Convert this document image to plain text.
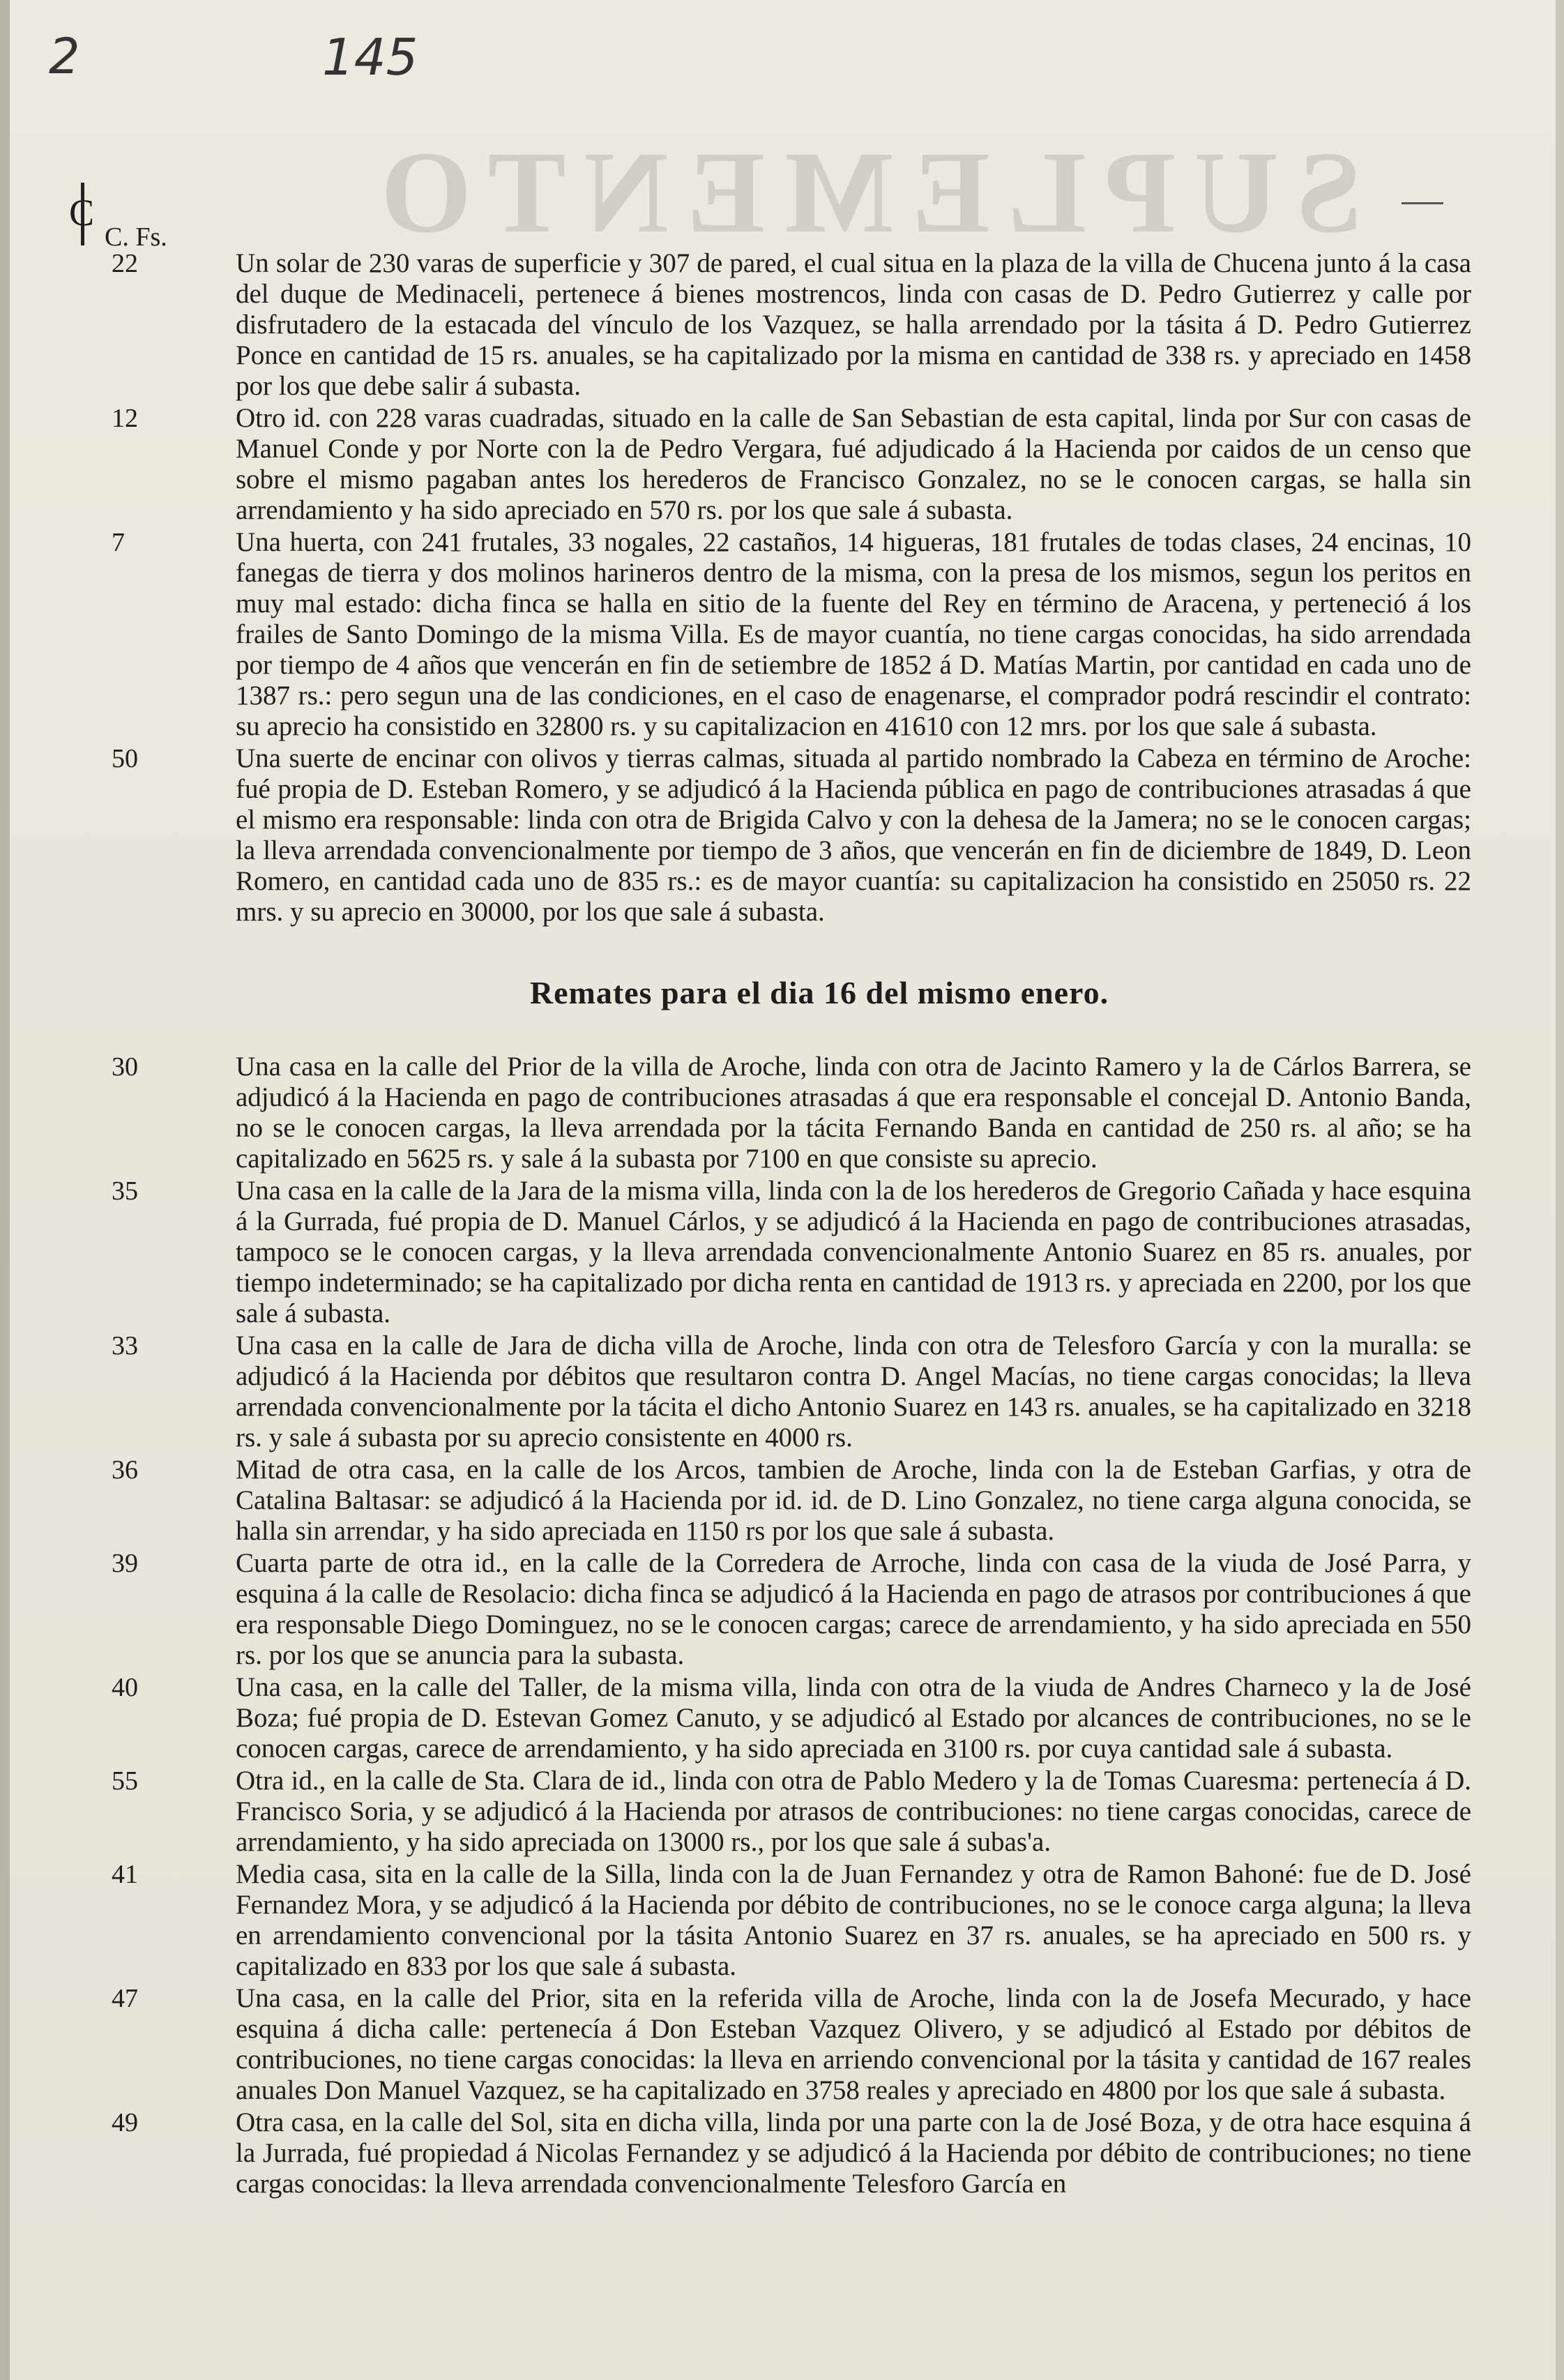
2	145
SUPLEMENTO
C
C. Fs.
22	Un solar de 230 varas de superficie y 307 de pared, el cual situa en la plaza de la villa de Chucena junto á la casa del duque de Medinaceli, pertenece á bienes mostrencos, linda con casas de D. Pedro Gutierrez y calle por disfrutadero de la estacada del vínculo de los Vazquez, se halla arrendado por la tásita á D. Pedro Gutierrez Ponce en cantidad de 15 rs. anuales, se ha capitalizado por la misma en cantidad de 338 rs. y apreciado en 1458 por los que debe salir á subasta.
12	Otro id. con 228 varas cuadradas, situado en la calle de San Sebastian de esta capital, linda por Sur con casas de Manuel Conde y por Norte con la de Pedro Vergara, fué adjudicado á la Hacienda por caidos de un censo que sobre el mismo pagaban antes los herederos de Francisco Gonzalez, no se le conocen cargas, se halla sin arrendamiento y ha sido apreciado en 570 rs. por los que sale á subasta.
7	Una huerta, con 241 frutales, 33 nogales, 22 castaños, 14 higueras, 181 frutales de todas clases, 24 encinas, 10 fanegas de tierra y dos molinos harineros dentro de la misma, con la presa de los mismos, segun los peritos en muy mal estado: dicha finca se halla en sitio de la fuente del Rey en término de Aracena, y perteneció á los frailes de Santo Domingo de la misma Villa. Es de mayor cuantía, no tiene cargas conocidas, ha sido arrendada por tiempo de 4 años que vencerán en fin de setiembre de 1852 á D. Matías Martin, por cantidad en cada uno de 1387 rs.: pero segun una de las condiciones, en el caso de enagenarse, el comprador podrá rescindir el contrato: su aprecio ha consistido en 32800 rs. y su capitalizacion en 41610 con 12 mrs. por los que sale á subasta.
50	Una suerte de encinar con olivos y tierras calmas, situada al partido nombrado la Cabeza en término de Aroche: fué propia de D. Esteban Romero, y se adjudicó á la Hacienda pública en pago de contribuciones atrasadas á que el mismo era responsable: linda con otra de Brigida Calvo y con la dehesa de la Jamera; no se le conocen cargas; la lleva arrendada convencionalmente por tiempo de 3 años, que vencerán en fin de diciembre de 1849, D. Leon Romero, en cantidad cada uno de 835 rs.: es de mayor cuantía: su capitalizacion ha consistido en 25050 rs. 22 mrs. y su aprecio en 30000, por los que sale á subasta.
Remates para el dia 16 del mismo enero.
30	Una casa en la calle del Prior de la villa de Aroche, linda con otra de Jacinto Ramero y la de Cárlos Barrera, se adjudicó á la Hacienda en pago de contribuciones atrasadas á que era responsable el concejal D. Antonio Banda, no se le conocen cargas, la lleva arrendada por la tácita Fernando Banda en cantidad de 250 rs. al año; se ha capitalizado en 5625 rs. y sale á la subasta por 7100 en que consiste su aprecio.
35	Una casa en la calle de la Jara de la misma villa, linda con la de los herederos de Gregorio Cañada y hace esquina á la Gurrada, fué propia de D. Manuel Cárlos, y se adjudicó á la Hacienda en pago de contribuciones atrasadas, tampoco se le conocen cargas, y la lleva arrendada convencionalmente Antonio Suarez en 85 rs. anuales, por tiempo indeterminado; se ha capitalizado por dicha renta en cantidad de 1913 rs. y apreciada en 2200, por los que sale á subasta.
33	Una casa en la calle de Jara de dicha villa de Aroche, linda con otra de Telesforo García y con la muralla: se adjudicó á la Hacienda por débitos que resultaron contra D. Angel Macías, no tiene cargas conocidas; la lleva arrendada convencionalmente por la tácita el dicho Antonio Suarez en 143 rs. anuales, se ha capitalizado en 3218 rs. y sale á subasta por su aprecio consistente en 4000 rs.
36	Mitad de otra casa, en la calle de los Arcos, tambien de Aroche, linda con la de Esteban Garfias, y otra de Catalina Baltasar: se adjudicó á la Hacienda por id. id. de D. Lino Gonzalez, no tiene carga alguna conocida, se halla sin arrendar, y ha sido apreciada en 1150 rs por los que sale á subasta.
39	Cuarta parte de otra id., en la calle de la Corredera de Arroche, linda con casa de la viuda de José Parra, y esquina á la calle de Resolacio: dicha finca se adjudicó á la Hacienda en pago de atrasos por contribuciones á que era responsable Diego Dominguez, no se le conocen cargas; carece de arrendamiento, y ha sido apreciada en 550 rs. por los que se anuncia para la subasta.
40	Una casa, en la calle del Taller, de la misma villa, linda con otra de la viuda de Andres Charneco y la de José Boza; fué propia de D. Estevan Gomez Canuto, y se adjudicó al Estado por alcances de contribuciones, no se le conocen cargas, carece de arrendamiento, y ha sido apreciada en 3100 rs. por cuya cantidad sale á subasta.
55	Otra id., en la calle de Sta. Clara de id., linda con otra de Pablo Medero y la de Tomas Cuaresma: pertenecía á D. Francisco Soria, y se adjudicó á la Hacienda por atrasos de contribuciones: no tiene cargas conocidas, carece de arrendamiento, y ha sido apreciada on 13000 rs., por los que sale á subas'a.
41	Media casa, sita en la calle de la Silla, linda con la de Juan Fernandez y otra de Ramon Bahoné: fue de D. José Fernandez Mora, y se adjudicó á la Hacienda por débito de contribuciones, no se le conoce carga alguna; la lleva en arrendamiento convencional por la tásita Antonio Suarez en 37 rs. anuales, se ha apreciado en 500 rs. y capitalizado en 833 por los que sale á subasta.
47	Una casa, en la calle del Prior, sita en la referida villa de Aroche, linda con la de Josefa Mecurado, y hace esquina á dicha calle: pertenecía á Don Esteban Vazquez Olivero, y se adjudicó al Estado por débitos de contribuciones, no tiene cargas conocidas: la lleva en arriendo convencional por la tásita y cantidad de 167 reales anuales Don Manuel Vazquez, se ha capitalizado en 3758 reales y apreciado en 4800 por los que sale á subasta.
49	Otra casa, en la calle del Sol, sita en dicha villa, linda por una parte con la de José Boza, y de otra hace esquina á la Jurrada, fué propiedad á Nicolas Fernandez y se adjudicó á la Hacienda por débito de contribuciones; no tiene cargas conocidas: la lleva arrendada convencionalmente Telesforo García en
